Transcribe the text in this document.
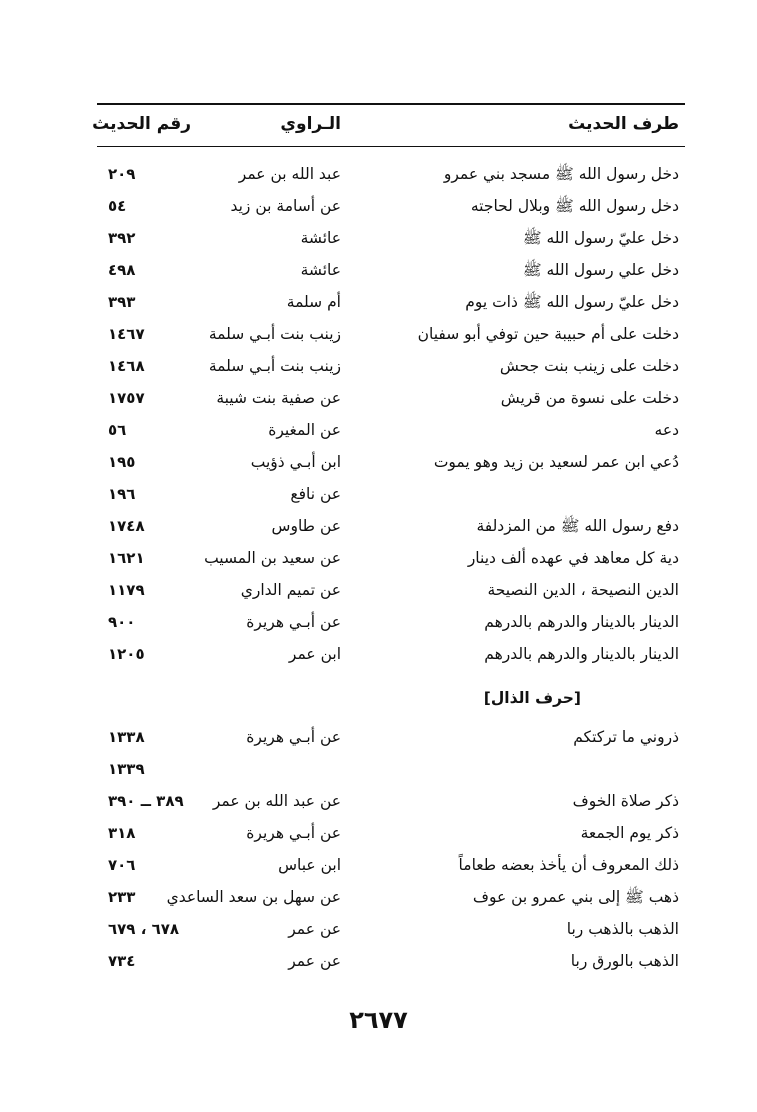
طرف الحديث
الـراوي
رقم الحديث
دخل رسول الله ﷺ مسجد بني عمرو
عبد الله بن عمر
٢٠٩
دخل رسول الله ﷺ وبلال لحاجته
عن أسامة بن زيد
٥٤
دخل عليّ رسول الله ﷺ
عائشة
٣٩٢
دخل علي رسول الله ﷺ
عائشة
٤٩٨
دخل عليّ رسول الله ﷺ ذات يوم
أم سلمة
٣٩٣
دخلت على أم حبيبة حين توفي أبو سفيان
زينب بنت أبـي سلمة
١٤٦٧
دخلت على زينب بنت جحش
زينب بنت أبـي سلمة
١٤٦٨
دخلت على نسوة من قريش
عن صفية بنت شيبة
١٧٥٧
دعه
عن المغيرة
٥٦
دُعي ابن عمر لسعيد بن زيد وهو يموت
ابن أبـي ذؤيب
١٩٥
عن نافع
١٩٦
دفع رسول الله ﷺ من المزدلفة
عن طاوس
١٧٤٨
دية كل معاهد في عهده ألف دينار
عن سعيد بن المسيب
١٦٢١
الدين النصيحة ، الدين النصيحة
عن تميم الداري
١١٧٩
الدينار بالدينار والدرهم بالدرهم
عن أبـي هريرة
٩٠٠
الدينار بالدينار والدرهم بالدرهم
ابن عمر
١٢٠٥
ذروني ما تركتكم
عن أبـي هريرة
١٣٣٨
١٣٣٩
ذكر صلاة الخوف
عن عبد الله بن عمر
٣٨٩ ــ ٣٩٠
ذكر يوم الجمعة
عن أبـي هريرة
٣١٨
ذلك المعروف أن يأخذ بعضه طعاماً
ابن عباس
٧٠٦
ذهب ﷺ إلى بني عمرو بن عوف
عن سهل بن سعد الساعدي
٢٣٣
الذهب بالذهب ربا
عن عمر
٦٧٨ ، ٦٧٩
الذهب بالورق ربا
عن عمر
٧٣٤
[حرف الذال]
٢٦٧٧
